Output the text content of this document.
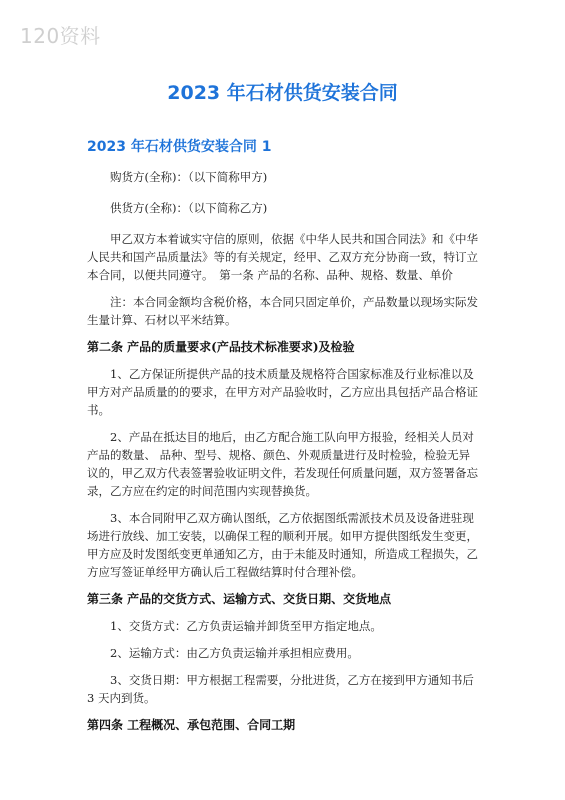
120资料
2023 年石材供货安装合同
2023 年石材供货安装合同 1

购货方(全称)：（以下简称甲方)

供货方(全称)：（以下简称乙方)

甲乙双方本着诚实守信的原则，依据《中华人民共和国合同法》和《中华人民共和国产品质量法》等的有关规定，经甲、乙双方充分协商一致，特订立本合同，以便共同遵守。　第一条 产品的名称、品种、规格、数量、单价

注：本合同金额均含税价格，本合同只固定单价，产品数量以现场实际发生量计算、石材以平米结算。

第二条 产品的质量要求(产品技术标准要求)及检验

1、乙方保证所提供产品的技术质量及规格符合国家标准及行业标准以及甲方对产品质量的的要求，在甲方对产品验收时，乙方应出具包括产品合格证书。

2、产品在抵达目的地后，由乙方配合施工队向甲方报验，经相关人员对产品的数量、 品种、型号、规格、颜色、外观质量进行及时检验，检验无异议的，甲乙双方代表签署验收证明文件，若发现任何质量问题，双方签署备忘录，乙方应在约定的时间范围内实现替换货。

3、本合同附甲乙双方确认图纸，乙方依据图纸需派技术员及设备进驻现场进行放线、加工安装，以确保工程的顺利开展。如甲方提供图纸发生变更，甲方应及时发图纸变更单通知乙方，由于未能及时通知，所造成工程损失，乙方应写签证单经甲方确认后工程做结算时付合理补偿。

第三条 产品的交货方式、运输方式、交货日期、交货地点

1、交货方式：乙方负责运输并卸货至甲方指定地点。

2、运输方式：由乙方负责运输并承担相应费用。

3、交货日期：甲方根据工程需要，分批进货，乙方在接到甲方通知书后 3 天内到货。

第四条 工程概况、承包范围、合同工期
